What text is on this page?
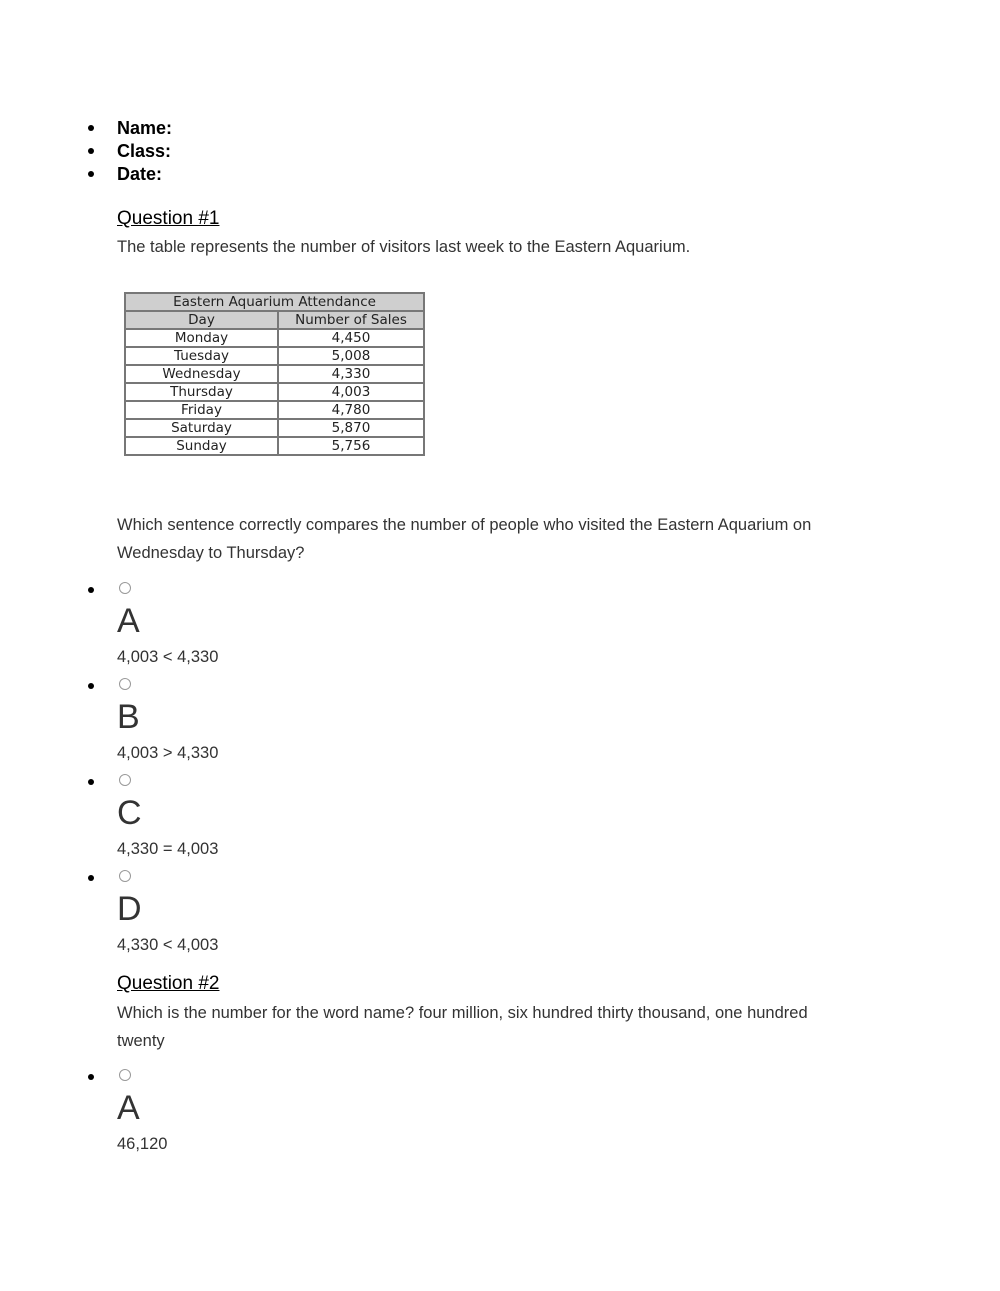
Name:
Class:
Date:
Question #1
The table represents the number of visitors last week to the Eastern Aquarium.
Eastern Aquarium Attendance	
Day	Number of Sales
Monday	4,450
Tuesday	5,008
Wednesday	4,330
Thursday	4,003
Friday	4,780
Saturday	5,870
Sunday	5,756
Which sentence correctly compares the number of people who visited the Eastern Aquarium on
Wednesday to Thursday?
A
4,003 < 4,330
B
4,003 > 4,330
C
4,330 = 4,003
D
4,330 < 4,003
Question #2
Which is the number for the word name? four million, six hundred thirty thousand, one hundred
twenty
A
46,120
